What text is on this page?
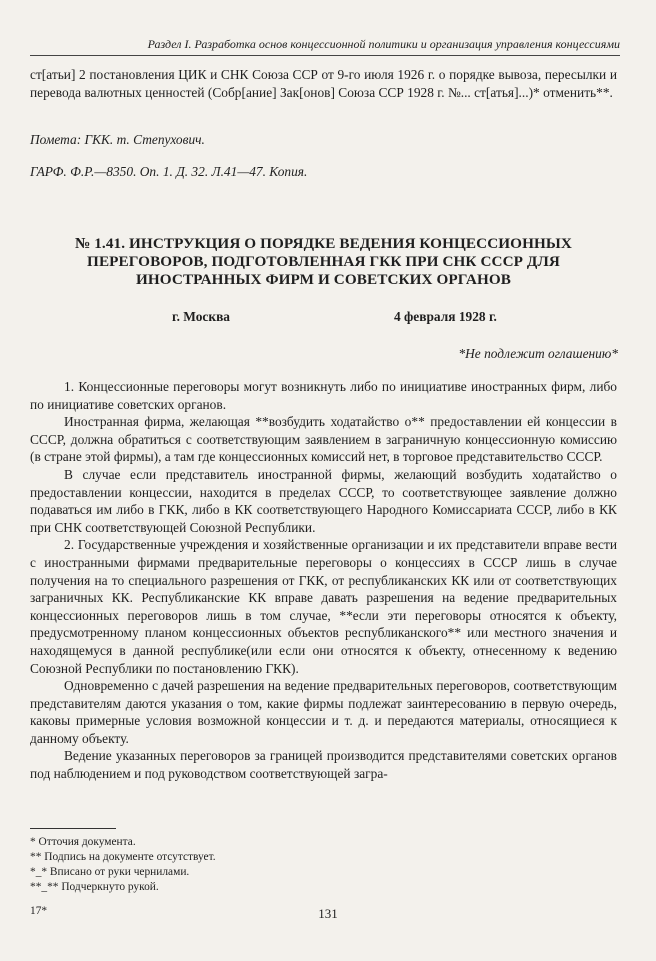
Раздел I. Разработка основ концессионной политики и организация управления концессиями

ст[атьи] 2 постановления ЦИК и СНК Союза ССР от 9-го июля 1926 г. о порядке вывоза, пересылки и перевода валютных ценностей (Собр[ание] Зак[онов] Союза ССР 1928 г. №... ст[атья]...)* отменить**.

Помета: ГКК. т. Степухович.
ГАРФ. Ф.Р.—8350. Оп. 1. Д. 32. Л.41—47. Копия.
№ 1.41. ИНСТРУКЦИЯ О ПОРЯДКЕ ВЕДЕНИЯ КОНЦЕССИОННЫХ ПЕРЕГОВОРОВ, ПОДГОТОВЛЕННАЯ ГКК ПРИ СНК СССР ДЛЯ ИНОСТРАННЫХ ФИРМ И СОВЕТСКИХ ОРГАНОВ
г. Москва	4 февраля 1928 г.
*Не подлежит оглашению*

1. Концессионные переговоры могут возникнуть либо по инициативе иностранных фирм, либо по инициативе советских органов.

Иностранная фирма, желающая **возбудить ходатайство о** предоставлении ей концессии в СССР, должна обратиться с соответствующим заявлением в заграничную концессионную комиссию (в стране этой фирмы), а там где концессионных комиссий нет, в торговое представительство СССР.

В случае если представитель иностранной фирмы, желающий возбудить ходатайство о предоставлении концессии, находится в пределах СССР, то соответствующее заявление должно подаваться им либо в ГКК, либо в КК соответствующего Народного Комиссариата СССР, либо в КК при СНК соответствующей Союзной Республики.

2. Государственные учреждения и хозяйственные организации и их представители вправе вести с иностранными фирмами предварительные переговоры о концессиях в СССР лишь в случае получения на то специального разрешения от ГКК, от республиканских КК или от соответствующих заграничных КК. Республиканские КК вправе давать разрешения на ведение предварительных концессионных переговоров лишь в том случае, **если эти переговоры относятся к объекту, предусмотренному планом концессионных объектов республиканского** или местного значения и находящемуся в данной республике(или если они относятся к объекту, отнесенному к ведению Союзной Республики по постановлению ГКК).

Одновременно с дачей разрешения на ведение предварительных переговоров, соответствующим представителям даются указания о том, какие фирмы подлежат заинтересованию в первую очередь, каковы примерные условия возможной концессии и т. д. и передаются материалы, относящиеся к данному объекту.

Ведение указанных переговоров за границей производится представителями советских органов под наблюдением и под руководством соответствующей загра-

* Отточия документа.
** Подпись на документе отсутствует.
*_* Вписано от руки чернилами.
**_** Подчеркнуто рукой.
17*	131
